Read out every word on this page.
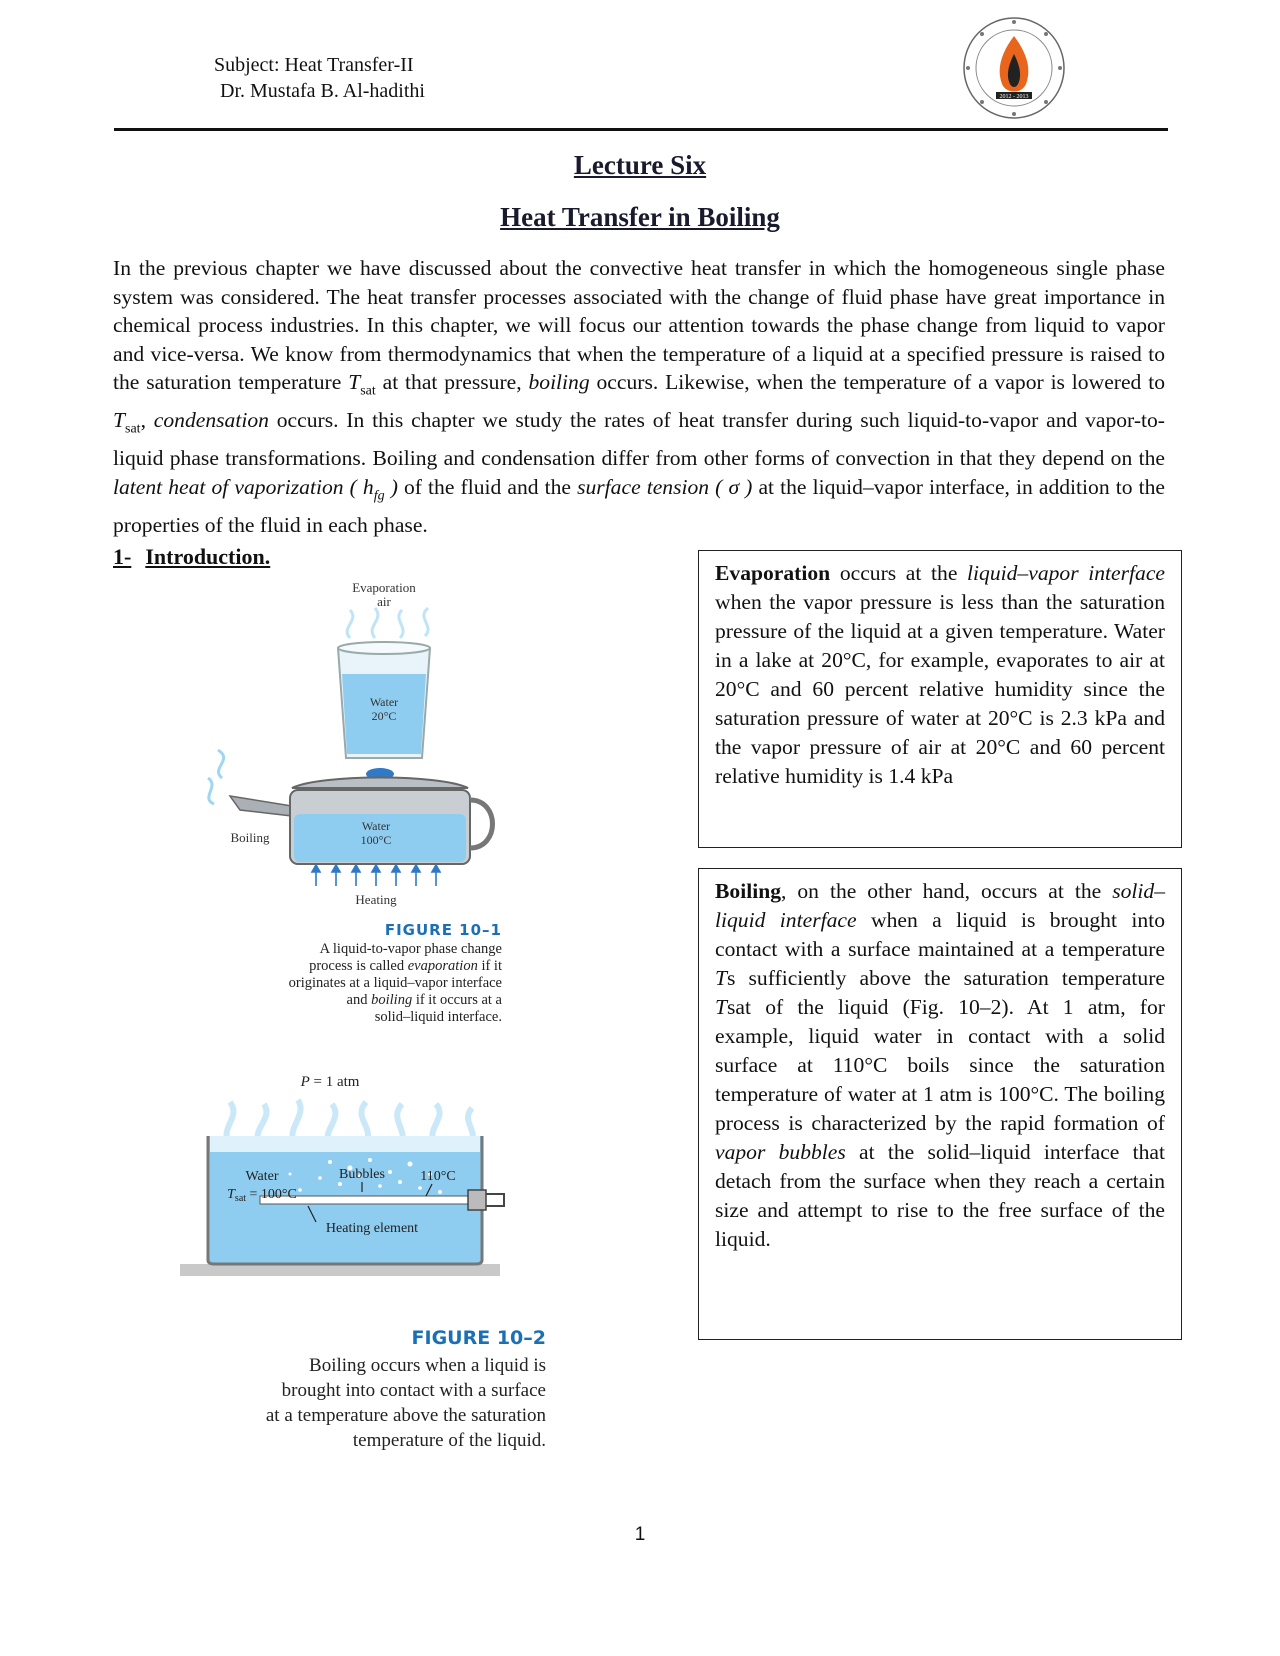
Subject: Heat Transfer-II
Dr. Mustafa B. Al-hadithi	2012 - 2013
Lecture Six
Heat Transfer in Boiling
In the previous chapter we have discussed about the convective heat transfer in which the homogeneous single phase system was considered. The heat transfer processes associated with the change of fluid phase have great importance in chemical process industries. In this chapter, we will focus our attention towards the phase change from liquid to vapor and vice-versa. We know from thermodynamics that when the temperature of a liquid at a specified pressure is raised to the saturation temperature $T_{sat}$ at that pressure, boiling occurs. Likewise, when the temperature of a vapor is lowered to $T_{sat}$, condensation occurs. In this chapter we study the rates of heat transfer during such liquid-to-vapor and vapor-to-liquid phase transformations. Boiling and condensation differ from other forms of convection in that they depend on the latent heat of vaporization ( $h_{fg}$ ) of the fluid and the surface tension ( σ ) at the liquid–vapor interface, in addition to the properties of the fluid in each phase.
1- Introduction.

Evaporation occurs at the liquid–vapor interface when the vapor pressure is less than the saturation pressure of the liquid at a given temperature. Water in a lake at 20°C, for example, evaporates to air at 20°C and 60 percent relative humidity since the saturation pressure of water at 20°C is 2.3 kPa and the vapor pressure of air at 20°C and 60 percent relative humidity is 1.4 kPa

Boiling, on the other hand, occurs at the solid–liquid interface when a liquid is brought into contact with a surface maintained at a temperature Ts sufficiently above the saturation temperature Tsat of the liquid (Fig. 10–2). At 1 atm, for example, liquid water in contact with a solid surface at 110°C boils since the saturation temperature of water at 1 atm is 100°C. The boiling process is characterized by the rapid formation of vapor bubbles at the solid–liquid interface that detach from the surface when they reach a certain size and attempt to rise to the free surface of the liquid.

Evaporation
air
Water
20°C
Water
100°C
Boiling
Heating
FIGURE 10–1
A liquid-to-vapor phase change
process is called evaporation if it
originates at a liquid–vapor interface
and boiling if it occurs at a
solid–liquid interface.
P = 1 atm
Water
$T_{sat} = 100^\circ C$
Bubbles	110°C
Heating element
FIGURE 10–2
Boiling occurs when a liquid is
brought into contact with a surface
at a temperature above the saturation
temperature of the liquid.
1
